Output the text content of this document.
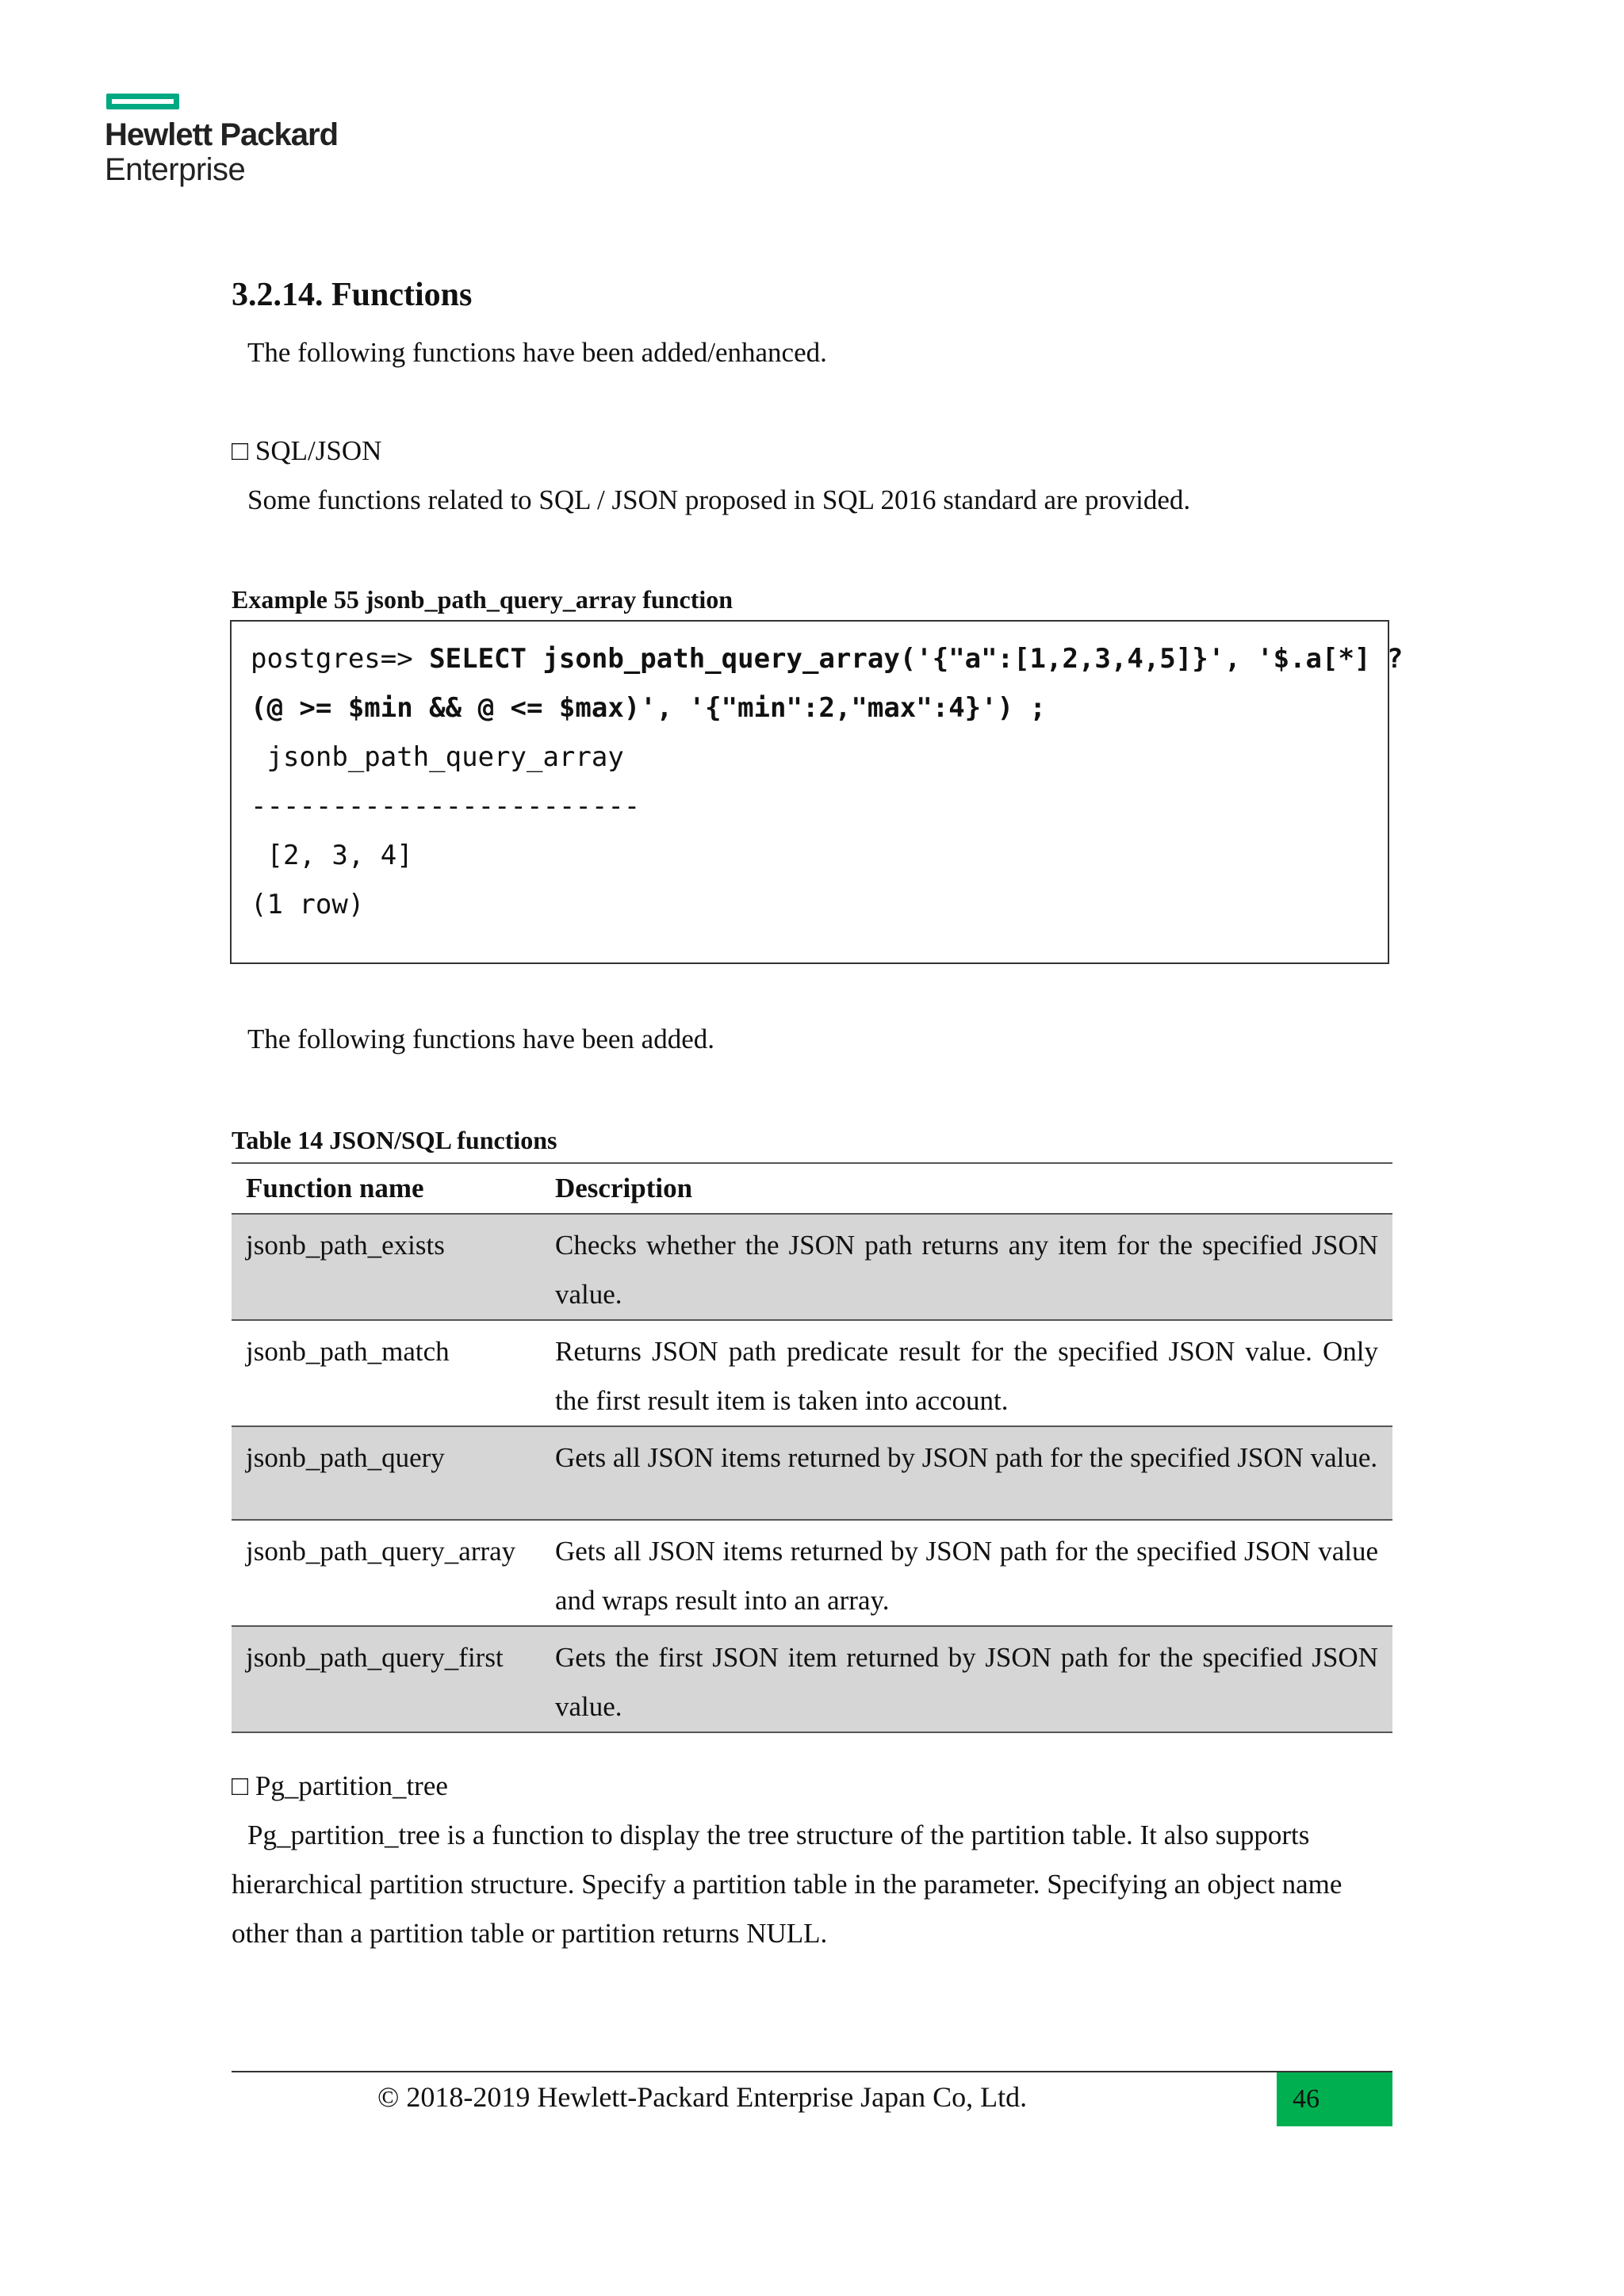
Hewlett Packard
Enterprise
3.2.14. Functions
The following functions have been added/enhanced.
□ SQL/JSON
Some functions related to SQL / JSON proposed in SQL 2016 standard are provided.
Example 55 jsonb_path_query_array function
postgres=> SELECT jsonb_path_query_array('{"a":[1,2,3,4,5]}', '$.a[*] ?
(@ >= $min && @ <= $max)', '{"min":2,"max":4}') ;
jsonb_path_query_array
------------------------
[2, 3, 4]
(1 row)
The following functions have been added.
Table 14 JSON/SQL functions
Function name	Description
jsonb_path_exists	Checks whether the JSON path returns any item for the specified JSON value.
jsonb_path_match	Returns JSON path predicate result for the specified JSON value. Only the first result item is taken into account.
jsonb_path_query	Gets all JSON items returned by JSON path for the specified JSON value.
jsonb_path_query_array	Gets all JSON items returned by JSON path for the specified JSON value and wraps result into an array.
jsonb_path_query_first	Gets the first JSON item returned by JSON path for the specified JSON value.
□ Pg_partition_tree
Pg_partition_tree is a function to display the tree structure of the partition table. It also supports
hierarchical partition structure. Specify a partition table in the parameter. Specifying an object name
other than a partition table or partition returns NULL.
© 2018-2019 Hewlett-Packard Enterprise Japan Co, Ltd.	46
